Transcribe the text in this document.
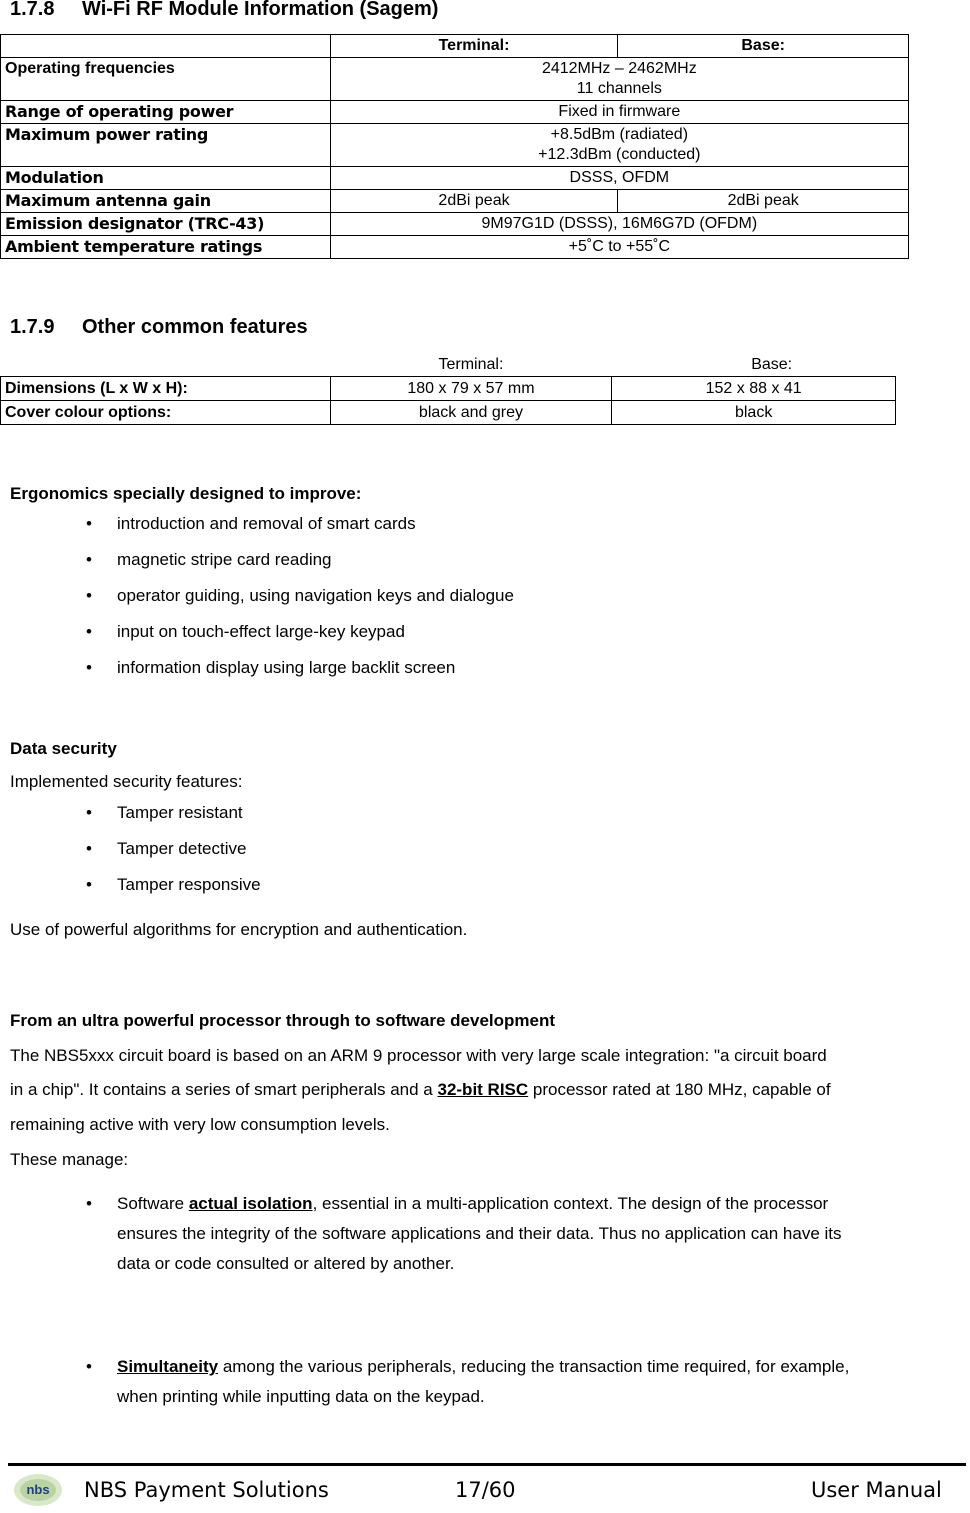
1.7.8 Wi-Fi RF Module Information (Sagem)
	Terminal:	Base:
Operating frequencies	2412MHz – 2462MHz
11 channels	
Range of operating power	Fixed in firmware	
Maximum power rating	+8.5dBm (radiated)
+12.3dBm (conducted)	
Modulation	DSSS, OFDM	
Maximum antenna gain	2dBi peak	2dBi peak
Emission designator (TRC-43)	9M97G1D (DSSS), 16M6G7D (OFDM)	
Ambient temperature ratings	+5˚C to +55˚C	
1.7.9 Other common features
	Terminal:	Base:
Dimensions (L x W x H):	180 x 79 x 57 mm	152 x 88 x 41
Cover colour options:	black and grey	black
Ergonomics specially designed to improve:
• introduction and removal of smart cards
• magnetic stripe card reading
• operator guiding, using navigation keys and dialogue
• input on touch-effect large-key keypad
• information display using large backlit screen
Data security
Implemented security features:
• Tamper resistant
• Tamper detective
• Tamper responsive
Use of powerful algorithms for encryption and authentication.
From an ultra powerful processor through to software development
The NBS5xxx circuit board is based on an ARM 9 processor with very large scale integration: "a circuit board
in a chip". It contains a series of smart peripherals and a 32-bit RISC processor rated at 180 MHz, capable of
remaining active with very low consumption levels.
These manage:
• Software actual isolation, essential in a multi-application context. The design of the processor
ensures the integrity of the software applications and their data. Thus no application can have its
data or code consulted or altered by another.
• Simultaneity among the various peripherals, reducing the transaction time required, for example,
when printing while inputting data on the keypad.
nbs NBS Payment Solutions	17/60	User Manual
